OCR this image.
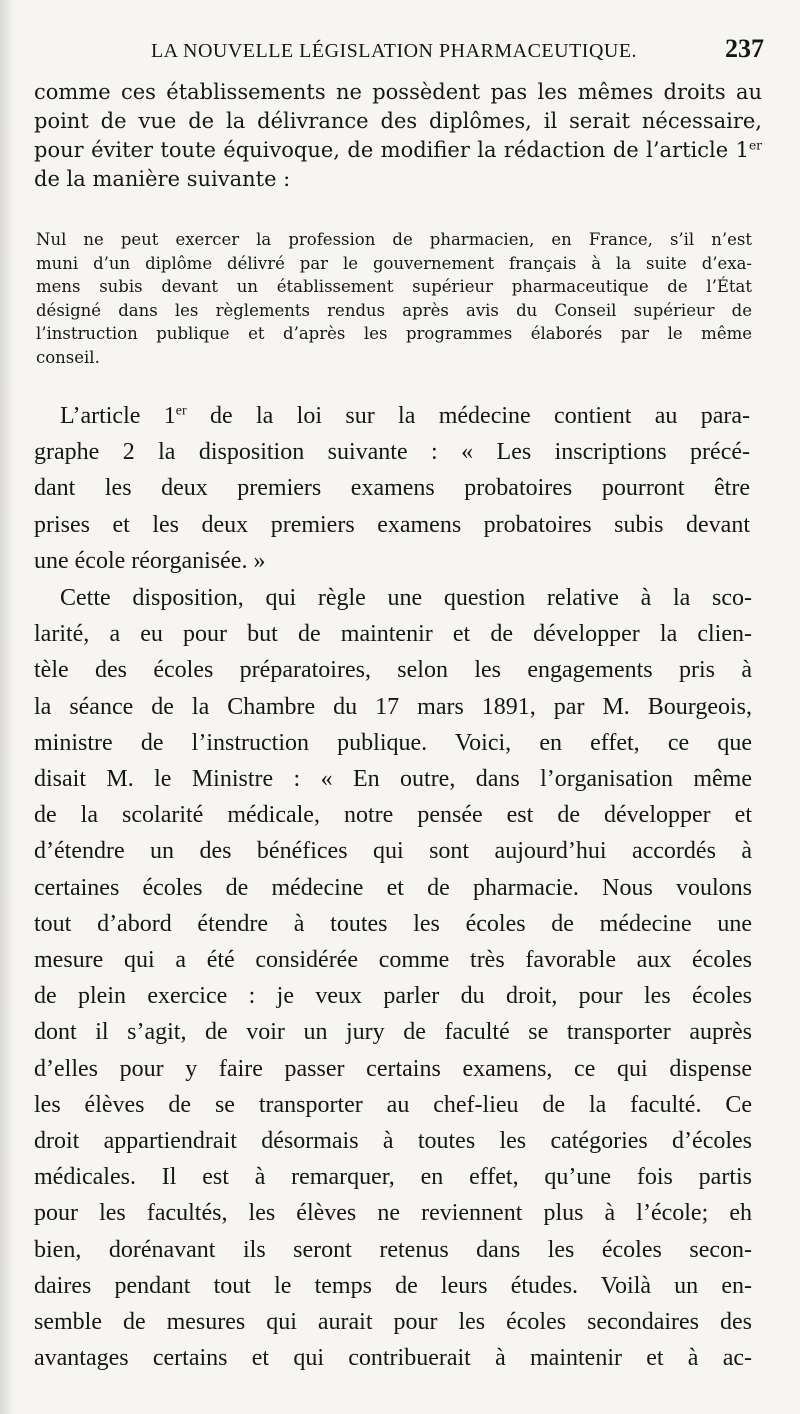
LA NOUVELLE LÉGISLATION PHARMACEUTIQUE.	237
comme ces établissements ne possèdent pas les mêmes droits au
point de vue de la délivrance des diplômes, il serait nécessaire,
pour éviter toute équivoque, de modifier la rédaction de l’article 1er
de la manière suivante :
Nul ne peut exercer la profession de pharmacien, en France, s’il n’est
muni d’un diplôme délivré par le gouvernement français à la suite d’exa-
mens subis devant un établissement supérieur pharmaceutique de l’État
désigné dans les règlements rendus après avis du Conseil supérieur de
l’instruction publique et d’après les programmes élaborés par le même
conseil.
L’article 1er de la loi sur la médecine contient au para-
graphe 2 la disposition suivante : « Les inscriptions précé-
dant les deux premiers examens probatoires pourront être
prises et les deux premiers examens probatoires subis devant
une école réorganisée. »
Cette disposition, qui règle une question relative à la sco-
larité, a eu pour but de maintenir et de développer la clien-
tèle des écoles préparatoires, selon les engagements pris à
la séance de la Chambre du 17 mars 1891, par M. Bourgeois,
ministre de l’instruction publique. Voici, en effet, ce que
disait M. le Ministre : « En outre, dans l’organisation même
de la scolarité médicale, notre pensée est de développer et
d’étendre un des bénéfices qui sont aujourd’hui accordés à
certaines écoles de médecine et de pharmacie. Nous voulons
tout d’abord étendre à toutes les écoles de médecine une
mesure qui a été considérée comme très favorable aux écoles
de plein exercice : je veux parler du droit, pour les écoles
dont il s’agit, de voir un jury de faculté se transporter auprès
d’elles pour y faire passer certains examens, ce qui dispense
les élèves de se transporter au chef-lieu de la faculté. Ce
droit appartiendrait désormais à toutes les catégories d’écoles
médicales. Il est à remarquer, en effet, qu’une fois partis
pour les facultés, les élèves ne reviennent plus à l’école; eh
bien, dorénavant ils seront retenus dans les écoles secon-
daires pendant tout le temps de leurs études. Voilà un en-
semble de mesures qui aurait pour les écoles secondaires des
avantages certains et qui contribuerait à maintenir et à ac-
